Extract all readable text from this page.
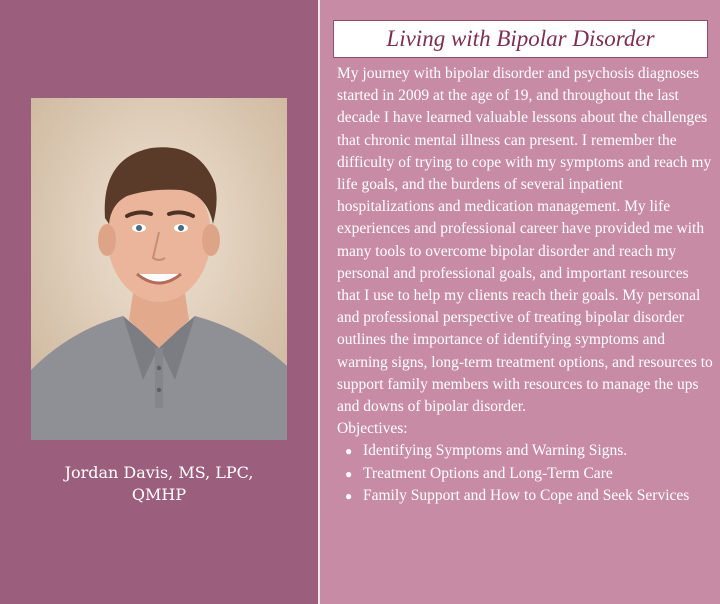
Jordan Davis, MS, LPC,
QMHP
Living with Bipolar Disorder

My journey with bipolar disorder and psychosis diagnoses started in 2009 at the age of 19, and throughout the last decade I have learned valuable lessons about the challenges that chronic mental illness can present. I remember the difficulty of trying to cope with my symptoms and reach my life goals, and the burdens of several inpatient hospitalizations and medication management. My life experiences and professional career have provided me with many tools to overcome bipolar disorder and reach my personal and professional goals, and important resources that I use to help my clients reach their goals. My personal and professional perspective of treating bipolar disorder outlines the importance of identifying symptoms and warning signs, long-term treatment options, and resources to support family members with resources to manage the ups and downs of bipolar disorder.

Objectives:

● Identifying Symptoms and Warning Signs.
● Treatment Options and Long-Term Care
● Family Support and How to Cope and Seek Services
